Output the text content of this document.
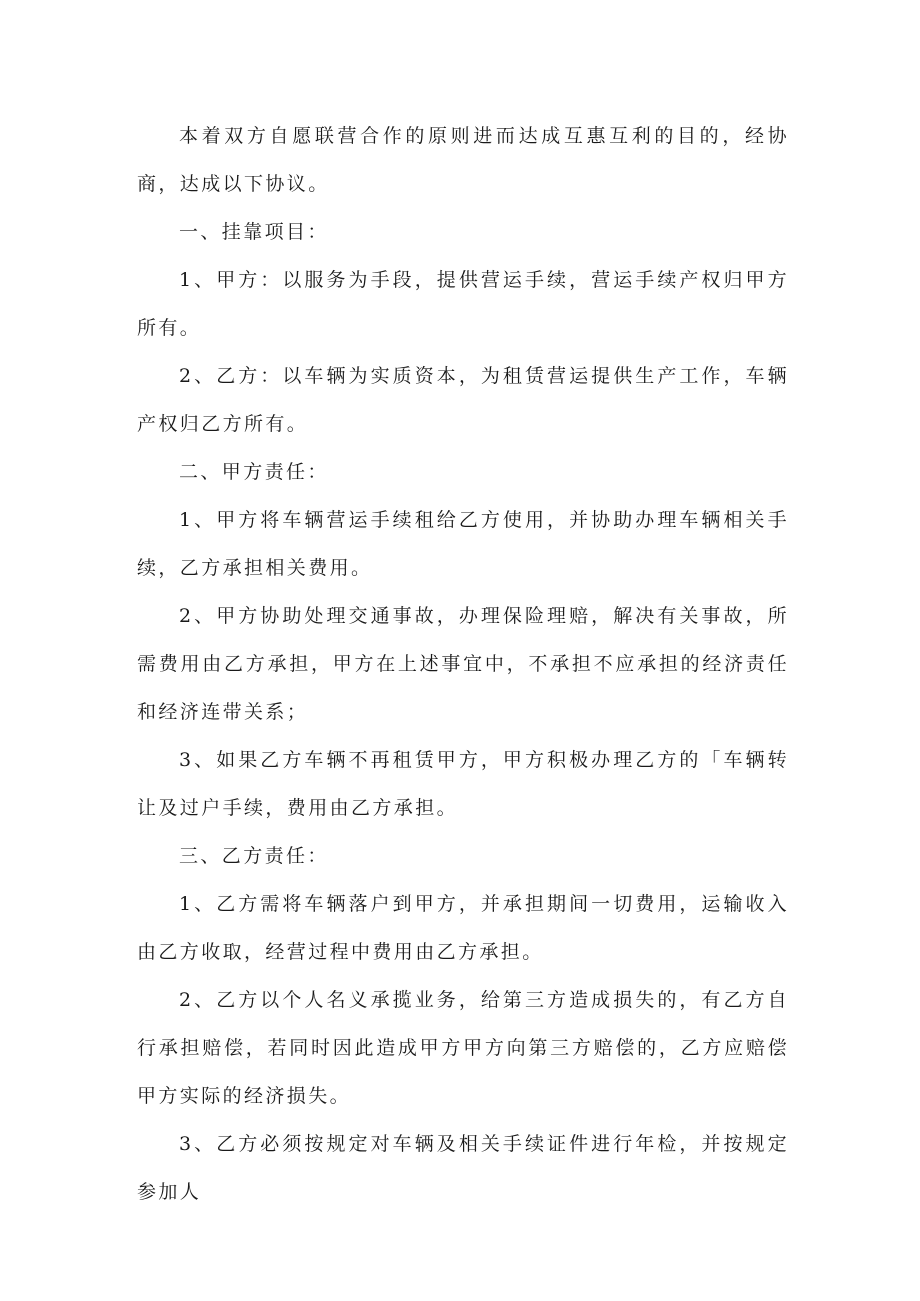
本着双方自愿联营合作的原则进而达成互惠互利的目的，经协商，达成以下协议。

一、挂靠项目：

1、甲方：以服务为手段，提供营运手续，营运手续产权归甲方所有。

2、乙方：以车辆为实质资本，为租赁营运提供生产工作，车辆产权归乙方所有。

二、甲方责任：

1、甲方将车辆营运手续租给乙方使用，并协助办理车辆相关手续，乙方承担相关费用。

2、甲方协助处理交通事故，办理保险理赔，解决有关事故，所需费用由乙方承担，甲方在上述事宜中，不承担不应承担的经济责任和经济连带关系；

3、如果乙方车辆不再租赁甲方，甲方积极办理乙方的「车辆转让及过户手续，费用由乙方承担。

三、乙方责任：

1、乙方需将车辆落户到甲方，并承担期间一切费用，运输收入由乙方收取，经营过程中费用由乙方承担。

2、乙方以个人名义承揽业务，给第三方造成损失的，有乙方自行承担赔偿，若同时因此造成甲方甲方向第三方赔偿的，乙方应赔偿甲方实际的经济损失。

3、乙方必须按规定对车辆及相关手续证件进行年检，并按规定参加人
